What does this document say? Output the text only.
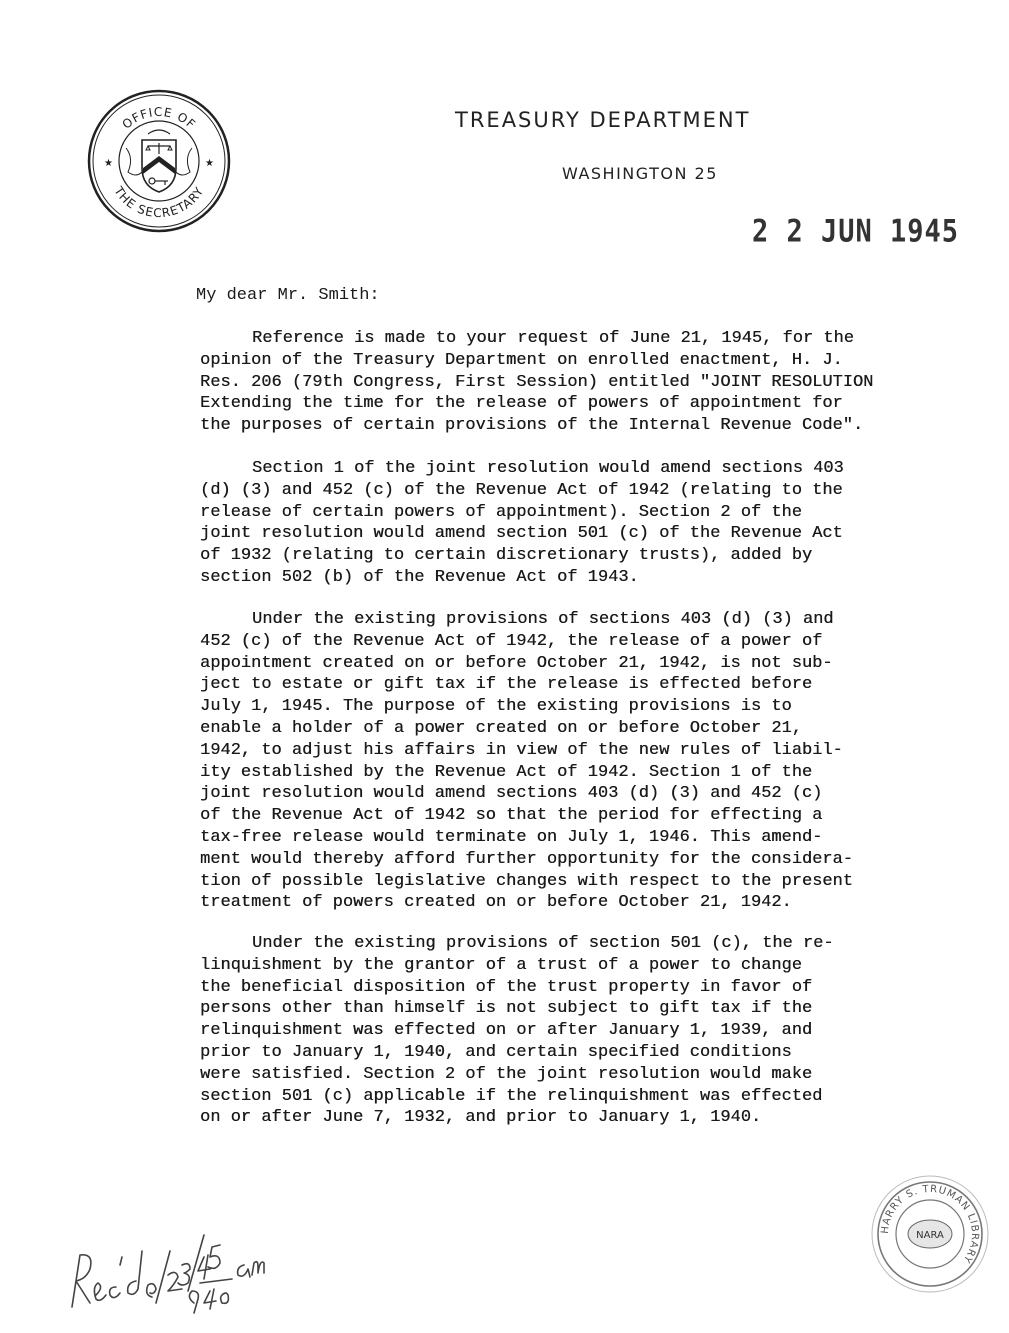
OFFICE OF
THE SECRETARY
★	★
TREASURY DEPARTMENT
WASHINGTON 25
2 2 JUN 1945
My dear Mr. Smith:
Reference is made to your request of June 21, 1945, for the
opinion of the Treasury Department on enrolled enactment, H. J.
Res. 206 (79th Congress, First Session) entitled "JOINT RESOLUTION
Extending the time for the release of powers of appointment for
the purposes of certain provisions of the Internal Revenue Code".
Section 1 of the joint resolution would amend sections 403
(d) (3) and 452 (c) of the Revenue Act of 1942 (relating to the
release of certain powers of appointment). Section 2 of the
joint resolution would amend section 501 (c) of the Revenue Act
of 1932 (relating to certain discretionary trusts), added by
section 502 (b) of the Revenue Act of 1943.
Under the existing provisions of sections 403 (d) (3) and
452 (c) of the Revenue Act of 1942, the release of a power of
appointment created on or before October 21, 1942, is not sub-
ject to estate or gift tax if the release is effected before
July 1, 1945. The purpose of the existing provisions is to
enable a holder of a power created on or before October 21,
1942, to adjust his affairs in view of the new rules of liabil-
ity established by the Revenue Act of 1942. Section 1 of the
joint resolution would amend sections 403 (d) (3) and 452 (c)
of the Revenue Act of 1942 so that the period for effecting a
tax-free release would terminate on July 1, 1946. This amend-
ment would thereby afford further opportunity for the considera-
tion of possible legislative changes with respect to the present
treatment of powers created on or before October 21, 1942.
Under the existing provisions of section 501 (c), the re-
linquishment by the grantor of a trust of a power to change
the beneficial disposition of the trust property in favor of
persons other than himself is not subject to gift tax if the
relinquishment was effected on or after January 1, 1939, and
prior to January 1, 1940, and certain specified conditions
were satisfied. Section 2 of the joint resolution would make
section 501 (c) applicable if the relinquishment was effected
on or after June 7, 1932, and prior to January 1, 1940.
HARRY S. TRUMAN LIBRARY
NARA
